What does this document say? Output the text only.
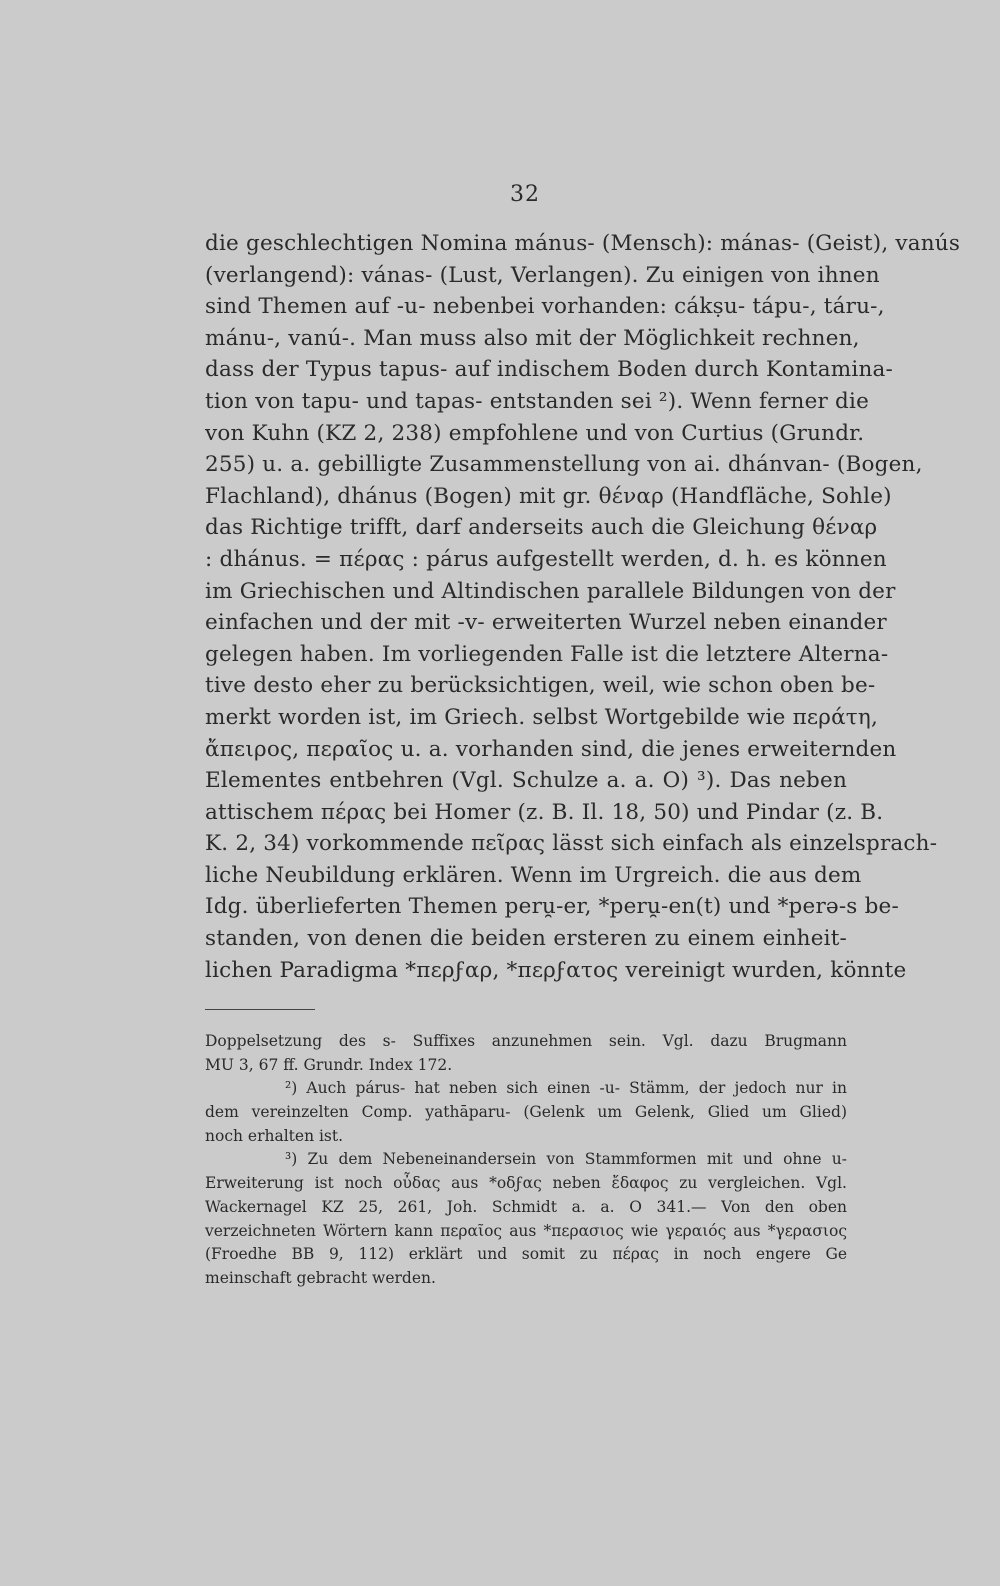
32
die geschlechtigen Nomina mánus- (Mensch): mánas- (Geist), vanús
(verlangend): vánas- (Lust, Verlangen). Zu einigen von ihnen
sind Themen auf -u- nebenbei vorhanden: cákṣu- tápu-, táru-,
mánu-, vanú-. Man muss also mit der Möglichkeit rechnen,
dass der Typus tapus- auf indischem Boden durch Kontamina-
tion von tapu- und tapas- entstanden sei ²). Wenn ferner die
von Kuhn (KZ 2, 238) empfohlene und von Curtius (Grundr.
255) u. a. gebilligte Zusammenstellung von ai. dhánvan- (Bogen,
Flachland), dhánus (Bogen) mit gr. θέναρ (Handfläche, Sohle)
das Richtige trifft, darf anderseits auch die Gleichung θέναρ
: dhánus. = πέρας : párus aufgestellt werden, d. h. es können
im Griechischen und Altindischen parallele Bildungen von der
einfachen und der mit -v- erweiterten Wurzel neben einander
gelegen haben. Im vorliegenden Falle ist die letztere Alterna-
tive desto eher zu berücksichtigen, weil, wie schon oben be-
merkt worden ist, im Griech. selbst Wortgebilde wie περάτη,
ἄπειρος, περαῖος u. a. vorhanden sind, die jenes erweiternden
Elementes entbehren (Vgl. Schulze a. a. O) ³). Das neben
attischem πέρας bei Homer (z. B. Il. 18, 50) und Pindar (z. B.
K. 2, 34) vorkommende πεῖρας lässt sich einfach als einzelsprach-
liche Neubildung erklären. Wenn im Urgreich. die aus dem
Idg. überlieferten Themen peru̯-er, *peru̯-en(t) und *perə-s be-
standen, von denen die beiden ersteren zu einem einheit-
lichen Paradigma *περϝαρ, *περϝατος vereinigt wurden, könnte
Doppelsetzung des s- Suffixes anzunehmen sein. Vgl. dazu Brugmann
MU 3, 67 ff. Grundr. Index 172.
²) Auch párus- hat neben sich einen -u- Stämm, der jedoch nur in
dem vereinzelten Comp. yathāparu- (Gelenk um Gelenk, Glied um Glied)
noch erhalten ist.
³) Zu dem Nebeneinandersein von Stammformen mit und ohne u-
Erweiterung ist noch οὖδας aus *οδϝας neben ἔδαφος zu vergleichen. Vgl.
Wackernagel KZ 25, 261, Joh. Schmidt a. a. O 341.— Von den oben
verzeichneten Wörtern kann περαῖος aus *περασιος wie γεραιός aus *γερασιος
(Froedhe BB 9, 112) erklärt und somit zu πέρας in noch engere Ge
meinschaft gebracht werden.
